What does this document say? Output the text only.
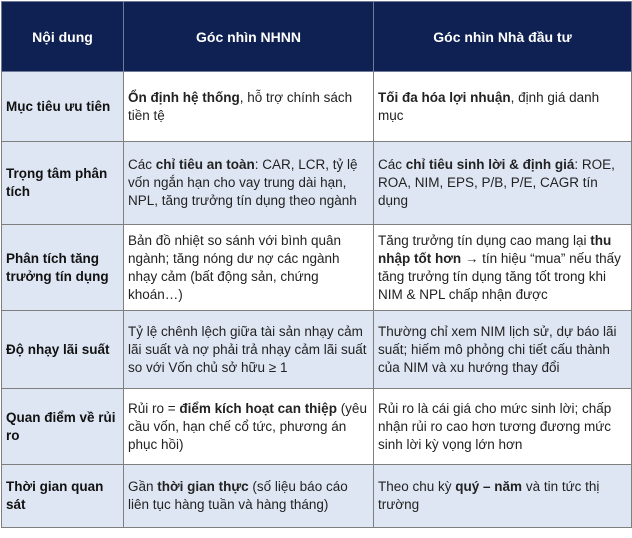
Nội dung	Góc nhìn NHNN	Góc nhìn Nhà đầu tư
Mục tiêu ưu tiên	Ổn định hệ thống, hỗ trợ chính sách tiền tệ	Tối đa hóa lợi nhuận, định giá danh mục
Trọng tâm phân tích	Các chỉ tiêu an toàn: CAR, LCR, tỷ lệ vốn ngắn hạn cho vay trung dài hạn, NPL, tăng trưởng tín dụng theo ngành	Các chỉ tiêu sinh lời & định giá: ROE, ROA, NIM, EPS, P/B, P/E, CAGR tín dụng
Phân tích tăng trưởng tín dụng	Bản đồ nhiệt so sánh với bình quân ngành; tăng nóng dư nợ các ngành nhạy cảm (bất động sản, chứng khoán…)	Tăng trưởng tín dụng cao mang lại thu nhập tốt hơn → tín hiệu “mua” nếu thấy tăng trưởng tín dụng tăng tốt trong khi NIM & NPL chấp nhận được
Độ nhạy lãi suất	Tỷ lệ chênh lệch giữa tài sản nhạy cảm lãi suất và nợ phải trả nhạy cảm lãi suất so với Vốn chủ sở hữu ≥ 1	Thường chỉ xem NIM lịch sử, dự báo lãi suất; hiếm mô phỏng chi tiết cấu thành của NIM và xu hướng thay đổi
Quan điểm về rủi ro	Rủi ro = điểm kích hoạt can thiệp (yêu cầu vốn, hạn chế cổ tức, phương án phục hồi)	Rủi ro là cái giá cho mức sinh lời; chấp nhận rủi ro cao hơn tương đương mức sinh lời kỳ vọng lớn hơn
Thời gian quan sát	Gần thời gian thực (số liệu báo cáo liên tục hàng tuần và hàng tháng)	Theo chu kỳ quý – năm và tin tức thị trường
